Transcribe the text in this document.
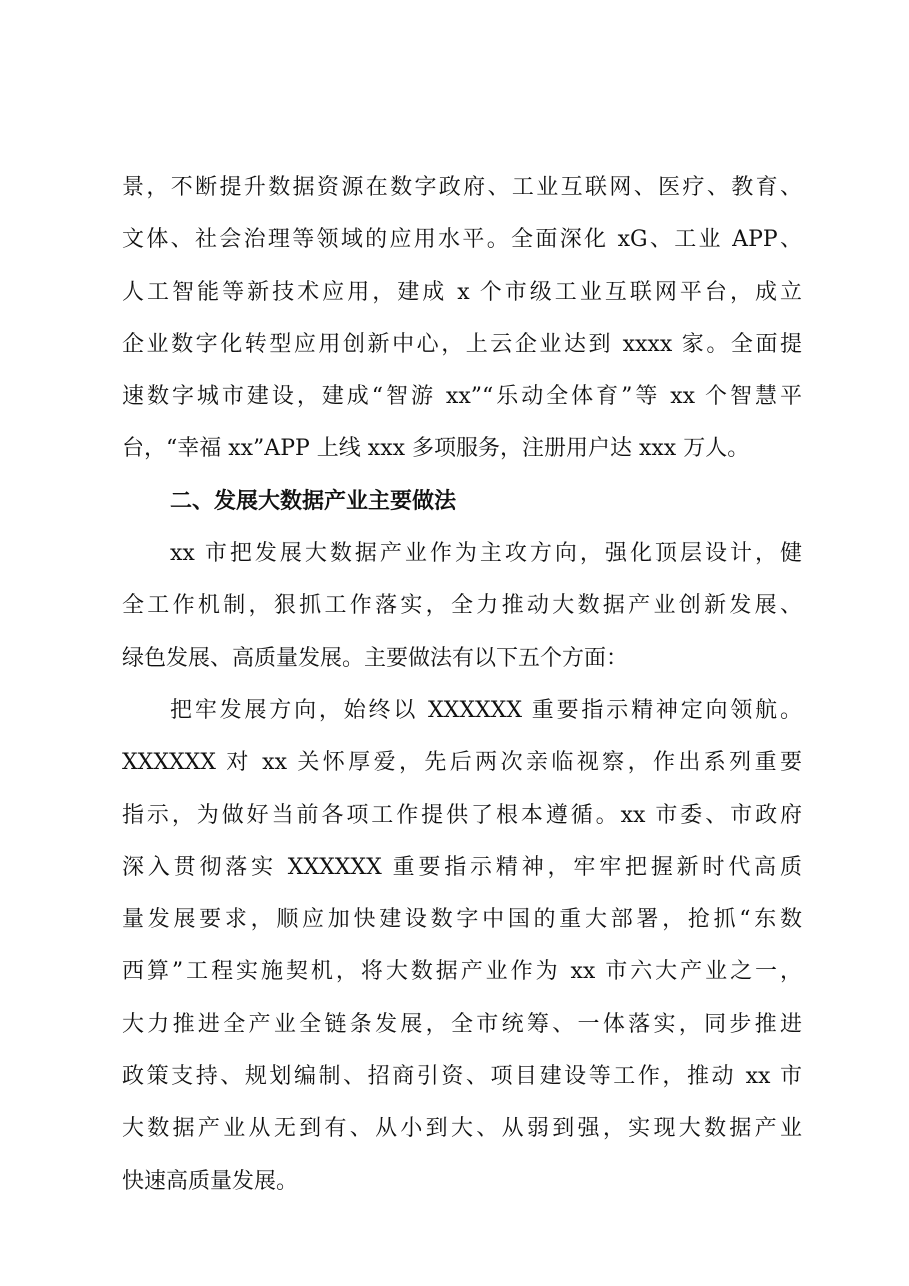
景，不断提升数据资源在数字政府、工业互联网、医疗、教育、
文体、社会治理等领域的应用水平。全面深化 xG、工业 APP、
人工智能等新技术应用，建成 x 个市级工业互联网平台，成立
企业数字化转型应用创新中心，上云企业达到 xxxx 家。全面提
速数字城市建设，建成“智游 xx”“乐动全体育”等 xx 个智慧平
台，“幸福 xx”APP 上线 xxx 多项服务，注册用户达 xxx 万人。
二、发展大数据产业主要做法
xx 市把发展大数据产业作为主攻方向，强化顶层设计，健
全工作机制，狠抓工作落实，全力推动大数据产业创新发展、
绿色发展、高质量发展。主要做法有以下五个方面：
把牢发展方向，始终以 XXXXXX 重要指示精神定向领航。
XXXXXX 对 xx 关怀厚爱，先后两次亲临视察，作出系列重要
指示，为做好当前各项工作提供了根本遵循。xx 市委、市政府
深入贯彻落实 XXXXXX 重要指示精神，牢牢把握新时代高质
量发展要求，顺应加快建设数字中国的重大部署，抢抓“东数
西算”工程实施契机，将大数据产业作为 xx 市六大产业之一，
大力推进全产业全链条发展，全市统筹、一体落实，同步推进
政策支持、规划编制、招商引资、项目建设等工作，推动 xx 市
大数据产业从无到有、从小到大、从弱到强，实现大数据产业
快速高质量发展。
